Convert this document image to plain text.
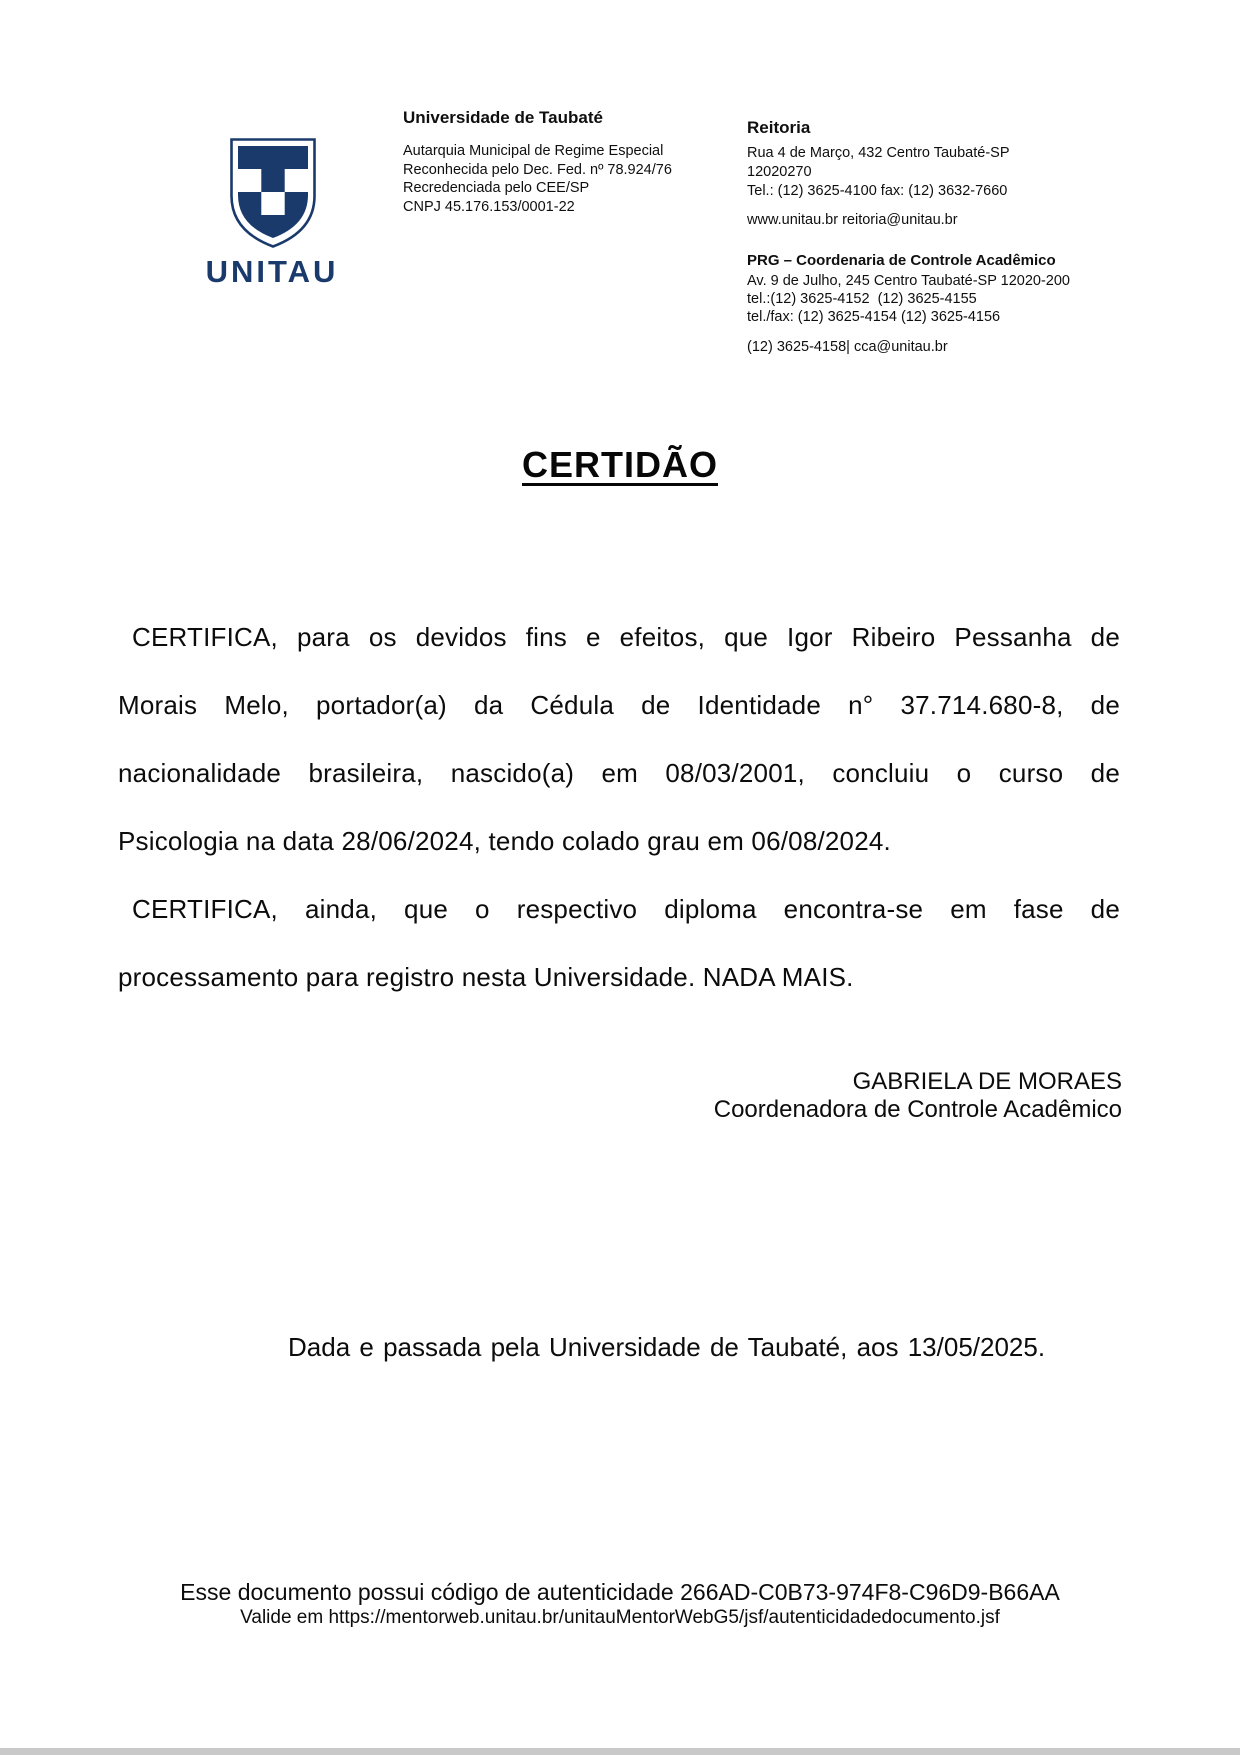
UNITAU
Universidade de Taubaté
Autarquia Municipal de Regime Especial
Reconhecida pelo Dec. Fed. nº 78.924/76
Recredenciada pelo CEE/SP
CNPJ 45.176.153/0001-22
Reitoria
Rua 4 de Março, 432 Centro Taubaté-SP
12020270
Tel.: (12) 3625-4100 fax: (12) 3632-7660
www.unitau.br reitoria@unitau.br
PRG – Coordenaria de Controle Acadêmico
Av. 9 de Julho, 245 Centro Taubaté-SP 12020-200
tel.:(12) 3625-4152  (12) 3625-4155
tel./fax: (12) 3625-4154 (12) 3625-4156
(12) 3625-4158| cca@unitau.br
CERTIDÃO
CERTIFICA, para os devidos fins e efeitos, que Igor Ribeiro Pessanha de
Morais Melo, portador(a) da Cédula de Identidade n° 37.714.680-8, de
nacionalidade brasileira, nascido(a) em 08/03/2001, concluiu o curso de
Psicologia na data 28/06/2024, tendo colado grau em 06/08/2024.
CERTIFICA, ainda, que o respectivo diploma encontra-se em fase de
processamento para registro nesta Universidade. NADA MAIS.
GABRIELA DE MORAES
Coordenadora de Controle Acadêmico
Dada e passada pela Universidade de Taubaté, aos 13/05/2025.
Esse documento possui código de autenticidade 266AD-C0B73-974F8-C96D9-B66AA
Valide em https://mentorweb.unitau.br/unitauMentorWebG5/jsf/autenticidadedocumento.jsf
